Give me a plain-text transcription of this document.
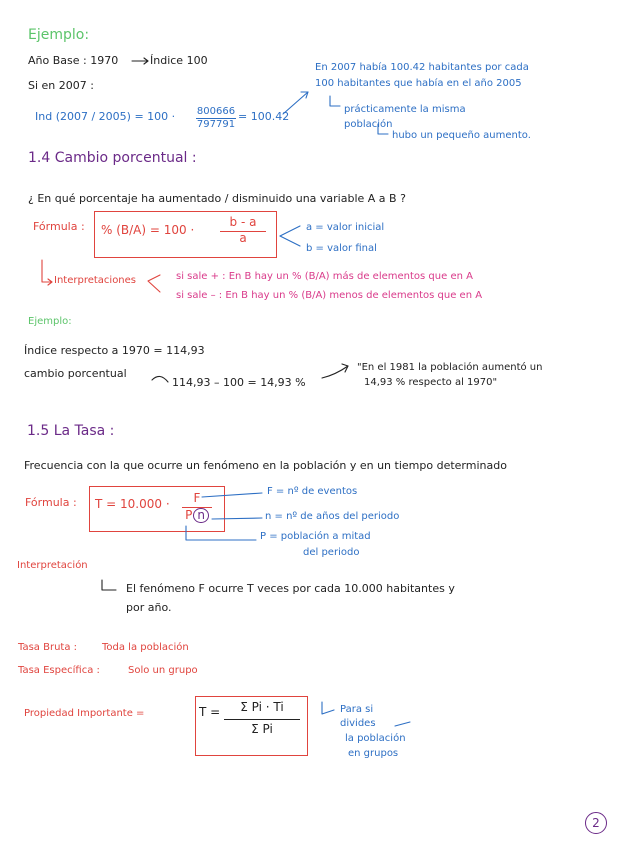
Ejemplo:
Año Base : 1970	Índice 100
Si en 2007 :
Ind $(2007 / 2005) = 100 \cdot \frac{800666}{797791} = 100.42$
En 2007 había 100.42 habitantes por cada
100 habitantes que había en el año 2005
prácticamente la misma
población
hubo un pequeño aumento.
1.4 Cambio porcentual :
¿ En qué porcentaje ha aumentado / disminuido una variable A a B ?
Fórmula : % $(B/A) = 100 \cdot \frac{b - a}{a}$	a = valor inicial
b = valor final
Interpretaciones	si sale + : En B hay un % (B/A) más de elementos que en A
si sale – : En B hay un % (B/A) menos de elementos que en A
Ejemplo:
Índice respecto a 1970 = 114,93
cambio porcentual
114,93 – 100 = 14,93 %
"En el 1981 la población aumentó un
14,93 % respecto al 1970"
1.5 La Tasa :
Frecuencia con la que ocurre un fenómeno en la población y en un tiempo determinado
Fórmula : $T = 10.000 \cdot \frac{F}{\text{P n}}$
F = nº de eventos
n = nº de años del periodo
P = población a mitad
del periodo
Interpretación
El fenómeno F ocurre T veces por cada 10.000 habitantes y
por año.
Tasa Bruta : Toda la población
Tasa Específica :	Solo un grupo
Propiedad Importante =	$T = \frac{\text{Σ Pi · Ti}}{\text{Σ Pi}}$	Para si
divides
la población
en grupos
2
